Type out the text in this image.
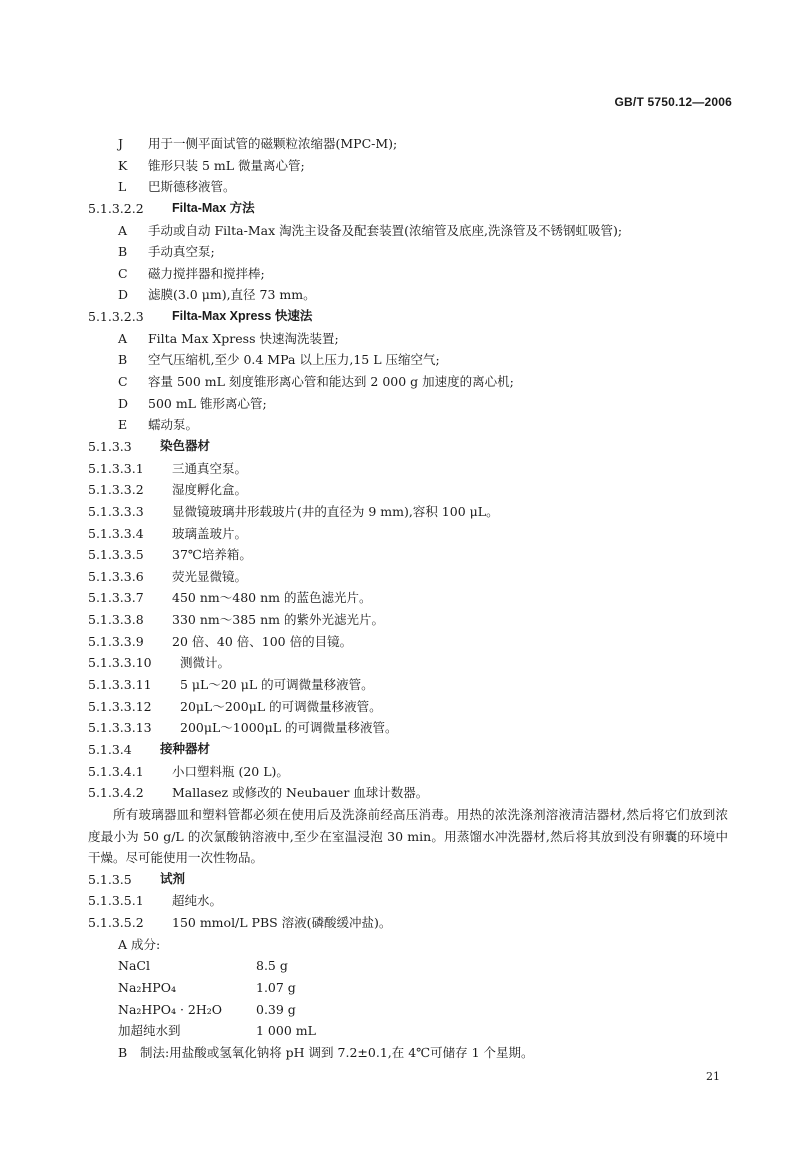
GB/T 5750.12—2006
J 用于一侧平面试管的磁颗粒浓缩器(MPC-M);
K 锥形只装 5 mL 微量离心管;
L 巴斯德移液管。
5.1.3.2.2 Filta-Max 方法
A 手动或自动 Filta-Max 淘洗主设备及配套装置(浓缩管及底座,洗涤管及不锈钢虹吸管);
B 手动真空泵;
C 磁力搅拌器和搅拌棒;
D 滤膜(3.0 μm),直径 73 mm。
5.1.3.2.3 Filta-Max Xpress 快速法
A Filta Max Xpress 快速淘洗装置;
B 空气压缩机,至少 0.4 MPa 以上压力,15 L 压缩空气;
C 容量 500 mL 刻度锥形离心管和能达到 2 000 g 加速度的离心机;
D 500 mL 锥形离心管;
E 蠕动泵。
5.1.3.3 染色器材
5.1.3.3.1 三通真空泵。
5.1.3.3.2 湿度孵化盒。
5.1.3.3.3 显微镜玻璃井形载玻片(井的直径为 9 mm),容积 100 μL。
5.1.3.3.4 玻璃盖玻片。
5.1.3.3.5 37℃培养箱。
5.1.3.3.6 荧光显微镜。
5.1.3.3.7 450 nm～480 nm 的蓝色滤光片。
5.1.3.3.8 330 nm～385 nm 的紫外光滤光片。
5.1.3.3.9 20 倍、40 倍、100 倍的目镜。
5.1.3.3.10 测微计。
5.1.3.3.11 5 μL～20 μL 的可调微量移液管。
5.1.3.3.12 20μL～200μL 的可调微量移液管。
5.1.3.3.13 200μL～1000μL 的可调微量移液管。
5.1.3.4 接种器材
5.1.3.4.1 小口塑料瓶 (20 L)。
5.1.3.4.2 Mallasez 或修改的 Neubauer 血球计数器。
所有玻璃器皿和塑料管都必须在使用后及洗涤前经高压消毒。用热的浓洗涤剂溶液清洁器材,然后将它们放到浓度最小为 50 g/L 的次氯酸钠溶液中,至少在室温浸泡 30 min。用蒸馏水冲洗器材,然后将其放到没有卵囊的环境中干燥。尽可能使用一次性物品。
5.1.3.5 试剂
5.1.3.5.1 超纯水。
5.1.3.5.2 150 mmol/L PBS 溶液(磷酸缓冲盐)。
A 成分:
NaCl	8.5 g
Na₂HPO₄	1.07 g
Na₂HPO₄ · 2H₂O	0.39 g
加超纯水到	1 000 mL
B 制法:用盐酸或氢氧化钠将 pH 调到 7.2±0.1,在 4℃可储存 1 个星期。
21
